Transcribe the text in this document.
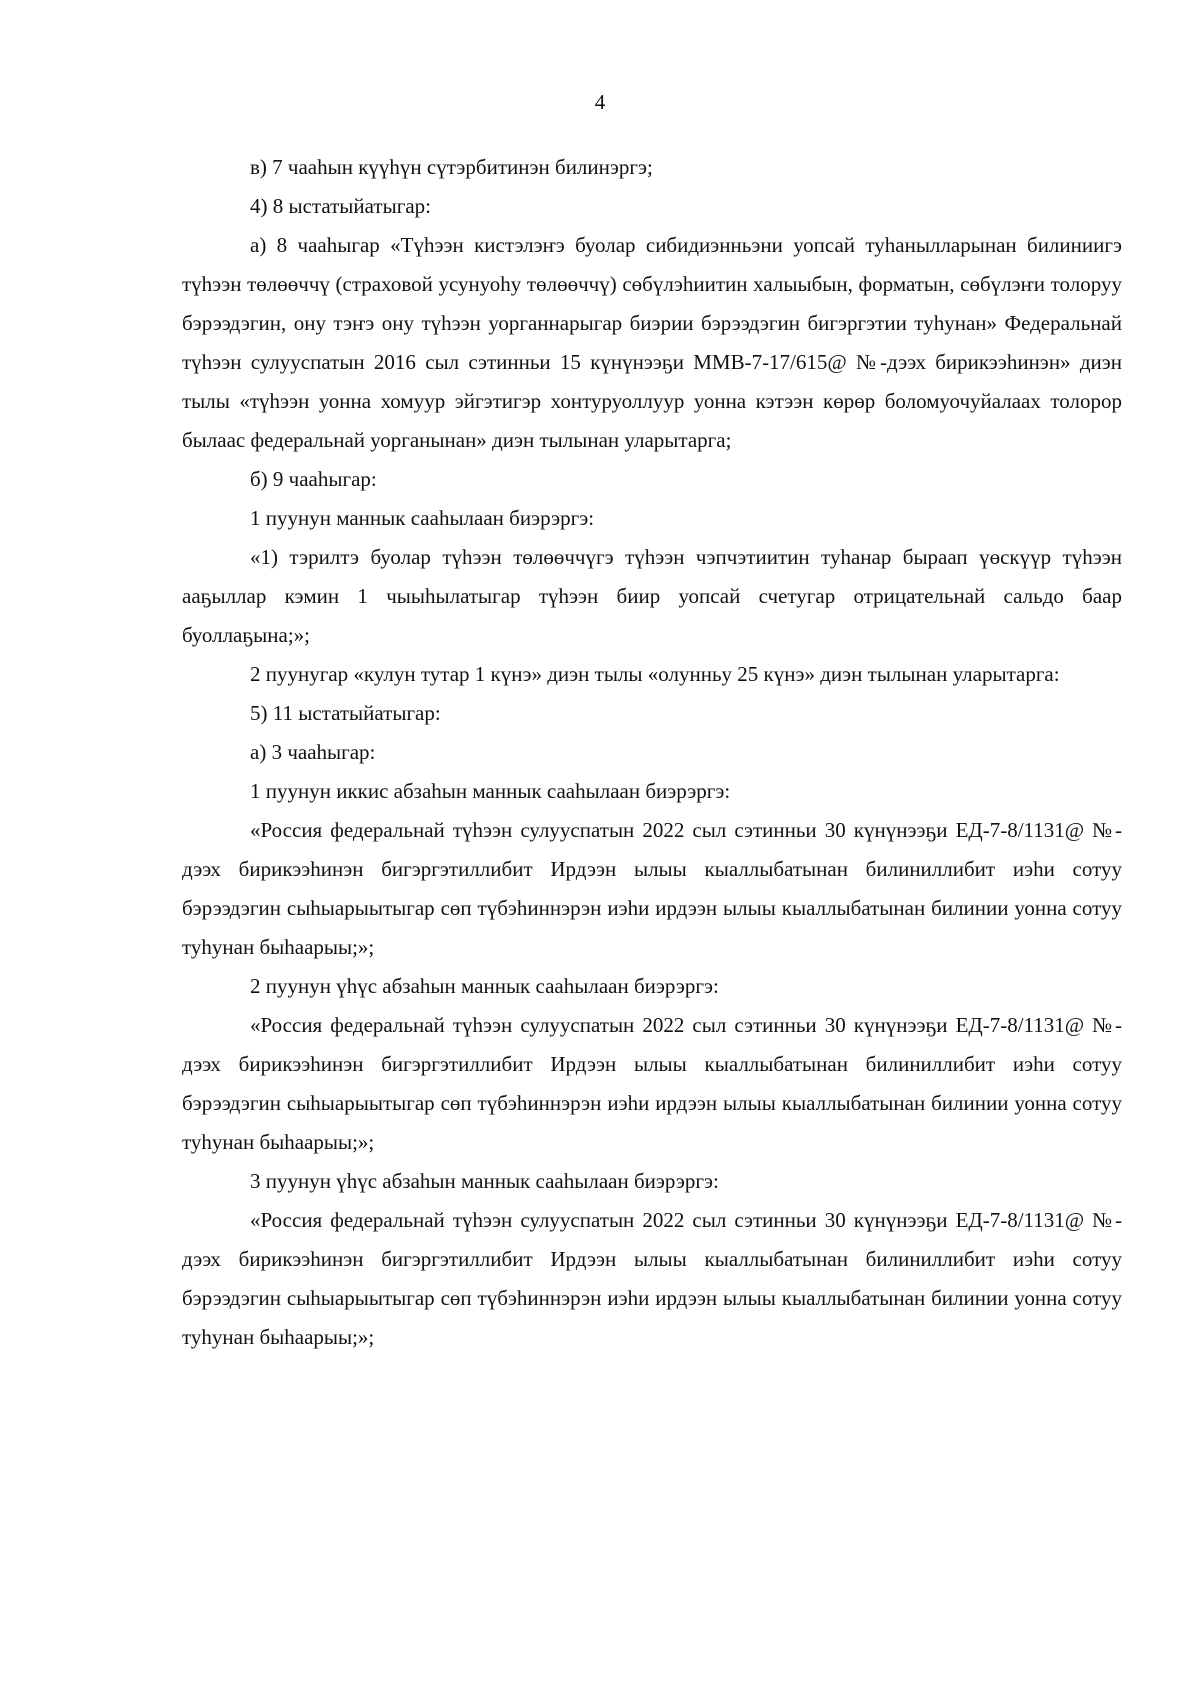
4

в) 7 чааһын күүһүн сүтэрбитинэн билинэргэ;

4) 8 ыстатыйатыгар:

а) 8 чааһыгар «Түһээн кистэлэҥэ буолар сибидиэнньэни уопсай туһанылларынан билиниигэ түһээн төлөөччү (страховой усунуоһу төлөөччү) сөбүлэһиитин халыыбын, форматын, сөбүлэҥи толоруу бэрээдэгин, ону тэҥэ ону түһээн уорганнарыгар биэрии бэрээдэгин бигэргэтии туһунан» Федеральнай түһээн сулууспатын 2016 сыл сэтинньи 15 күнүнээҕи ММВ-7-17/615@ №-дээх бирикээһинэн» диэн тылы «түһээн уонна хомуур эйгэтигэр хонтуруоллуур уонна кэтээн көрөр боломуочуйалаах толорор былаас федеральнай уорганынан» диэн тылынан уларытарга;

б) 9 чааһыгар:

1 пуунун маннык сааһылаан биэрэргэ:

«1) тэрилтэ буолар түһээн төлөөччүгэ түһээн чэпчэтиитин туһанар быраап үөскүүр түһээн ааҕыллар кэмин 1 чыыһылатыгар түһээн биир уопсай счетугар отрицательнай сальдо баар буоллаҕына;»;

2 пуунугар «кулун тутар 1 күнэ» диэн тылы «олунньу 25 күнэ» диэн тылынан уларытарга:

5) 11 ыстатыйатыгар:

а) 3 чааһыгар:

1 пуунун иккис абзаһын маннык сааһылаан биэрэргэ:

«Россия федеральнай түһээн сулууспатын 2022 сыл сэтинньи 30 күнүнээҕи ЕД-7-8/1131@ №-дээх бирикээһинэн бигэргэтиллибит Ирдээн ылыы кыаллыбатынан билиниллибит иэһи сотуу бэрээдэгин сыһыарыытыгар сөп түбэһиннэрэн иэһи ирдээн ылыы кыаллыбатынан билинии уонна сотуу туһунан быһаарыы;»;

2 пуунун үһүс абзаһын маннык сааһылаан биэрэргэ:

«Россия федеральнай түһээн сулууспатын 2022 сыл сэтинньи 30 күнүнээҕи ЕД-7-8/1131@ №-дээх бирикээһинэн бигэргэтиллибит Ирдээн ылыы кыаллыбатынан билиниллибит иэһи сотуу бэрээдэгин сыһыарыытыгар сөп түбэһиннэрэн иэһи ирдээн ылыы кыаллыбатынан билинии уонна сотуу туһунан быһаарыы;»;

3 пуунун үһүс абзаһын маннык сааһылаан биэрэргэ:

«Россия федеральнай түһээн сулууспатын 2022 сыл сэтинньи 30 күнүнээҕи ЕД-7-8/1131@ №-дээх бирикээһинэн бигэргэтиллибит Ирдээн ылыы кыаллыбатынан билиниллибит иэһи сотуу бэрээдэгин сыһыарыытыгар сөп түбэһиннэрэн иэһи ирдээн ылыы кыаллыбатынан билинии уонна сотуу туһунан быһаарыы;»;
